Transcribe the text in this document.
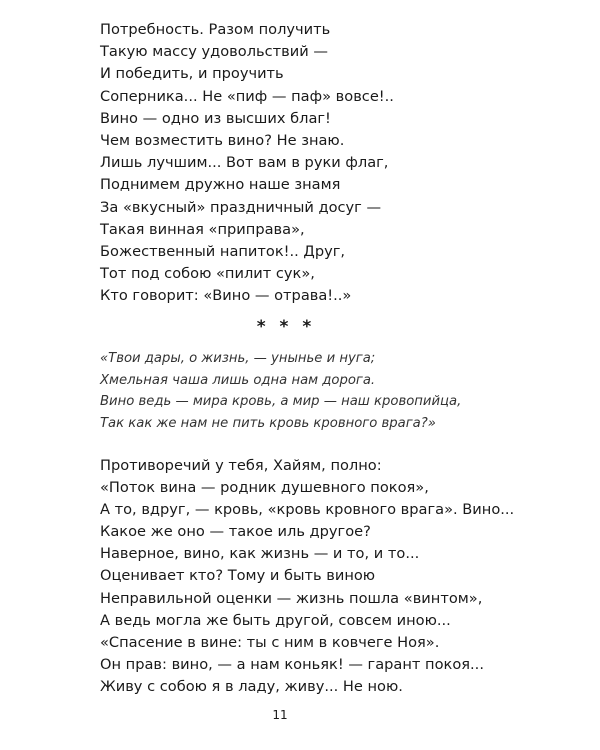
Потребность. Разом получить
Такую массу удовольствий —
И победить, и проучить
Соперника... Не «пиф — паф» вовсе!..
Вино — одно из высших благ!
Чем возместить вино? Не знаю.
Лишь лучшим... Вот вам в руки флаг,
Поднимем дружно наше знамя
За «вкусный» праздничный досуг —
Такая винная «приправа»,
Божественный напиток!.. Друг,
Тот под собою «пилит сук»,
Кто говорит: «Вино — отрава!..»
* * *
«Твои дары, о жизнь, — унынье и нуга;
Хмельная чаша лишь одна нам дорога.
Вино ведь — мира кровь, а мир — наш кровопийца,
Так как же нам не пить кровь кровного врага?»
Противоречий у тебя, Хайям, полно:
«Поток вина — родник душевного покоя»,
А то, вдруг, — кровь, «кровь кровного врага». Вино...
Какое же оно — такое иль другое?
Наверное, вино, как жизнь — и то, и то...
Оценивает кто? Тому и быть виною
Неправильной оценки — жизнь пошла «винтом»,
А ведь могла же быть другой, совсем иною...
«Спасение в вине: ты с ним в ковчеге Ноя».
Он прав: вино, — а нам коньяк! — гарант покоя...
Живу с собою я в ладу, живу... Не ною.
11
